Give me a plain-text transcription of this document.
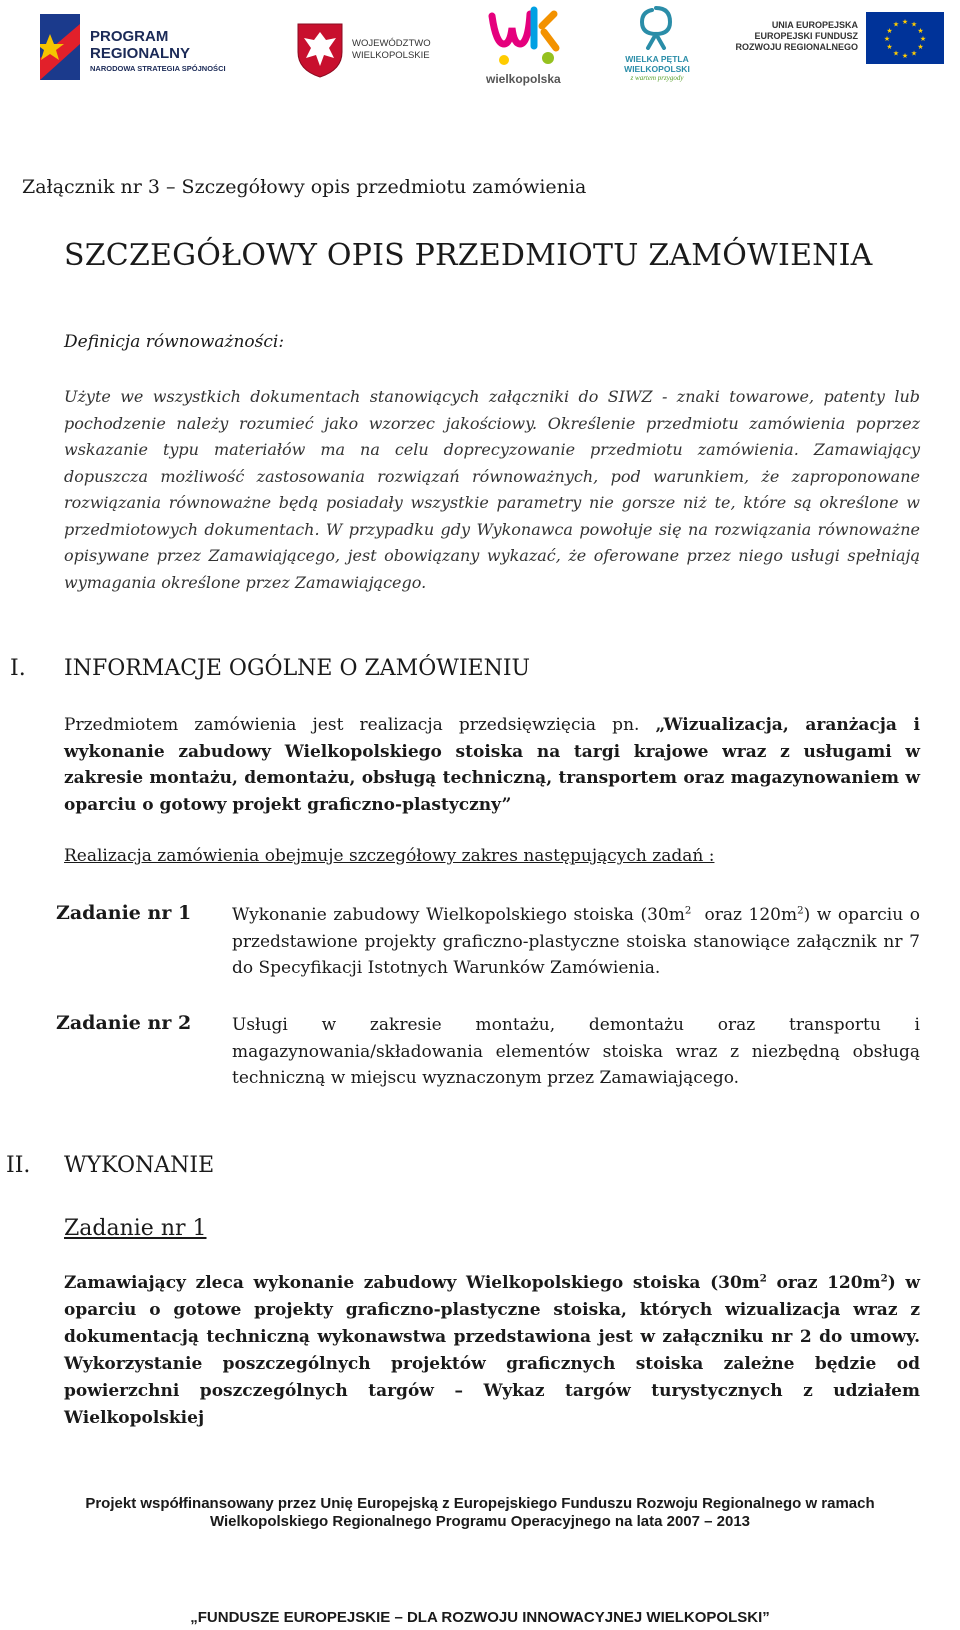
PROGRAM
REGIONALNY
NARODOWA STRATEGIA SPÓJNOŚCI
WOJEWÓDZTWO
WIELKOPOLSKIE
wielkopolska
WIELKA PĘTLA
WIELKOPOLSKI
z wartem przygody
UNIA EUROPEJSKA
EUROPEJSKI FUNDUSZ
ROZWOJU REGIONALNEGO
★ ★
★
★
★
★
★
★
★
★
★
★
Załącznik nr 3 – Szczegółowy opis przedmiotu zamówienia
SZCZEGÓŁOWY OPIS PRZEDMIOTU ZAMÓWIENIA
Definicja równoważności:
Użyte we wszystkich dokumentach stanowiących załączniki do SIWZ - znaki towarowe, patenty lub pochodzenie należy rozumieć jako wzorzec jakościowy. Określenie przedmiotu zamówienia poprzez wskazanie typu materiałów ma na celu doprecyzowanie przedmiotu zamówienia. Zamawiający dopuszcza możliwość zastosowania rozwiązań równoważnych, pod warunkiem, że zaproponowane rozwiązania równoważne będą posiadały wszystkie parametry nie gorsze niż te, które są określone w przedmiotowych dokumentach. W przypadku gdy Wykonawca powołuje się na rozwiązania równoważne opisywane przez Zamawiającego, jest obowiązany wykazać, że oferowane przez niego usługi spełniają wymagania określone przez Zamawiającego.
I. INFORMACJE OGÓLNE O ZAMÓWIENIU
Przedmiotem zamówienia jest realizacja przedsięwzięcia pn. „Wizualizacja, aranżacja i wykonanie zabudowy Wielkopolskiego stoiska na targi krajowe wraz z usługami w zakresie montażu, demontażu, obsługą techniczną, transportem oraz magazynowaniem w oparciu o gotowy projekt graficzno-plastyczny”
Realizacja zamówienia obejmuje szczegółowy zakres następujących zadań :
Zadanie nr 1 Wykonanie zabudowy Wielkopolskiego stoiska ($30m^2$  oraz $120m^2$) w oparciu o przedstawione projekty graficzno-plastyczne stoiska stanowiące załącznik nr 7 do Specyfikacji Istotnych Warunków Zamówienia.
Zadanie nr 2 Usługi w zakresie montażu, demontażu oraz transportu i magazynowania/składowania elementów stoiska wraz z niezbędną obsługą techniczną w miejscu wyznaczonym przez Zamawiającego.
II. WYKONANIE
Zadanie nr 1
Zamawiający zleca wykonanie zabudowy Wielkopolskiego stoiska ($30m^2$ oraz $120m^2$) w oparciu o gotowe projekty graficzno-plastyczne stoiska, których wizualizacja wraz z dokumentacją techniczną wykonawstwa przedstawiona jest w załączniku nr 2 do umowy. Wykorzystanie poszczególnych projektów graficznych stoiska zależne będzie od powierzchni poszczególnych targów – Wykaz targów turystycznych z udziałem Wielkopolskiej
Projekt współfinansowany przez Unię Europejską z Europejskiego Funduszu Rozwoju Regionalnego w ramach
Wielkopolskiego Regionalnego Programu Operacyjnego na lata 2007 – 2013
„FUNDUSZE EUROPEJSKIE – DLA ROZWOJU INNOWACYJNEJ WIELKOPOLSKI”
